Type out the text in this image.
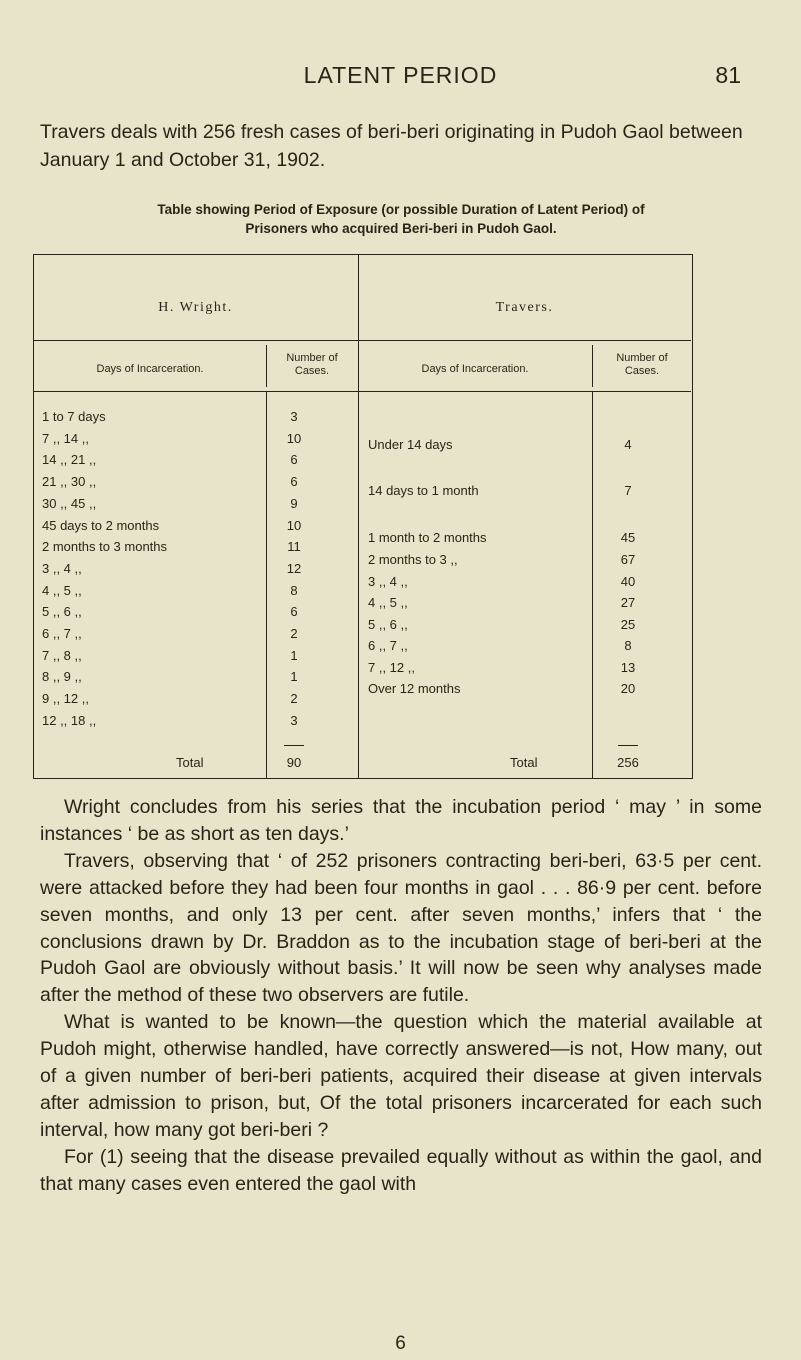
LATENT PERIOD	81
Travers deals with 256 fresh cases of beri-beri originating in Pudoh Gaol between January 1 and October 31, 1902.
Table showing Period of Exposure (or possible Duration of Latent Period) of
Prisoners who acquired Beri-beri in Pudoh Gaol.
H. Wright.	Travers.
Days of Incarceration.
Number of Cases.	Days of Incarceration.
Number of Cases.
1 to 7 days	3
7 ,, 14 ,,	10
14 ,, 21 ,,	6
21 ,, 30 ,,	6
30 ,, 45 ,,	9
45 days to 2 months	10
2 months to 3 months	11
3 ,, 4 ,,	12
4 ,, 5 ,,	8
5 ,, 6 ,,	6
6 ,, 7 ,,	2
7 ,, 8 ,,	1
8 ,, 9 ,,	1
9 ,, 12 ,,	2
12 ,, 18 ,,	3
Under 14 days	4
14 days to 1 month	7
1 month to 2 months	45
2 months to 3 ,,	67
3 ,, 4 ,,	40
4 ,, 5 ,,	27
5 ,, 6 ,,	25
6 ,, 7 ,,	8
7 ,, 12 ,,	13
Over 12 months	20
Total	90	Total	256

Wright concludes from his series that the incubation period ‘ may ’ in some instances ‘ be as short as ten days.’

Travers, observing that ‘ of 252 prisoners contracting beri-beri, 63·5 per cent. were attacked before they had been four months in gaol . . . 86·9 per cent. before seven months, and only 13 per cent. after seven months,’ infers that ‘ the conclusions drawn by Dr. Braddon as to the incubation stage of beri-beri at the Pudoh Gaol are obviously without basis.’ It will now be seen why analyses made after the method of these two observers are futile.

What is wanted to be known—the question which the material available at Pudoh might, otherwise handled, have correctly answered—is not, How many, out of a given number of beri-beri patients, acquired their disease at given intervals after admission to prison, but, Of the total prisoners incarcerated for each such interval, how many got beri-beri ?

For (1) seeing that the disease prevailed equally without as within the gaol, and that many cases even entered the gaol with

6
